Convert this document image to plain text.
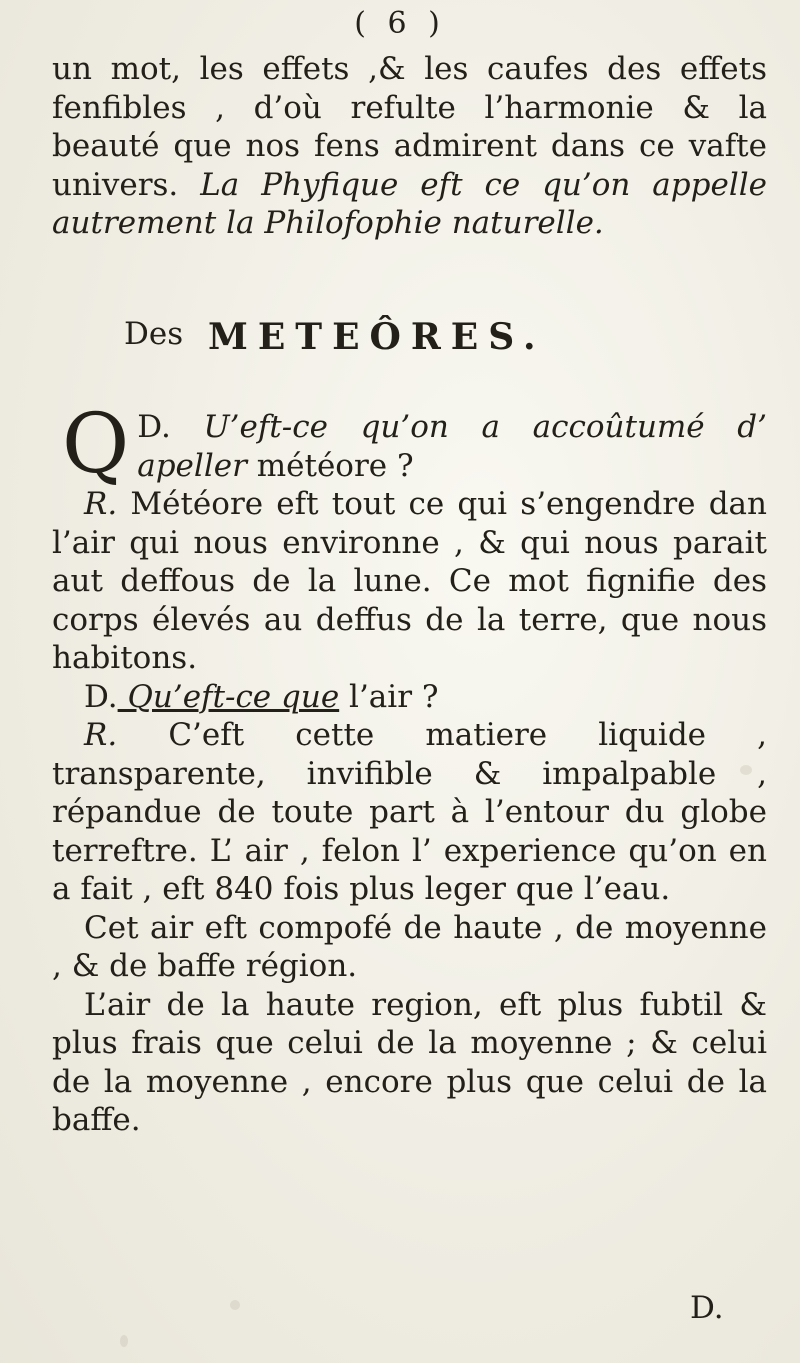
( 6 )
un mot, les effets ,& les caufes des effets fenfibles , d’où refulte l’harmonie & la beauté que nos fens admirent dans ce vafte univers. La Phyfique eft ce qu’on appelle autrement la Philofophie naturelle.
Des METEÔRES.

D.
Q U’eft-ce qu’on a accoûtumé d’ apeller météore ?

R. Météore eft tout ce qui s’engendre dan l’air qui nous environne , & qui nous parait aut deffous de la lune. Ce mot fignifie des corps élevés au deffus de la terre, que nous habitons.

D. Qu’eft-ce que l’air ?

R. C’eft cette matiere liquide , transparente, invifible & impalpable , répandue de toute part à l’entour du globe terreftre. L’ air , felon l’ experience qu’on en a fait , eft 840 fois plus leger que l’eau.

Cet air eft compofé de haute , de moyenne , & de baffe région.

L’air de la haute region, eft plus fubtil & plus frais que celui de la moyenne ; & celui de la moyenne , encore plus que celui de la baffe.

D.
